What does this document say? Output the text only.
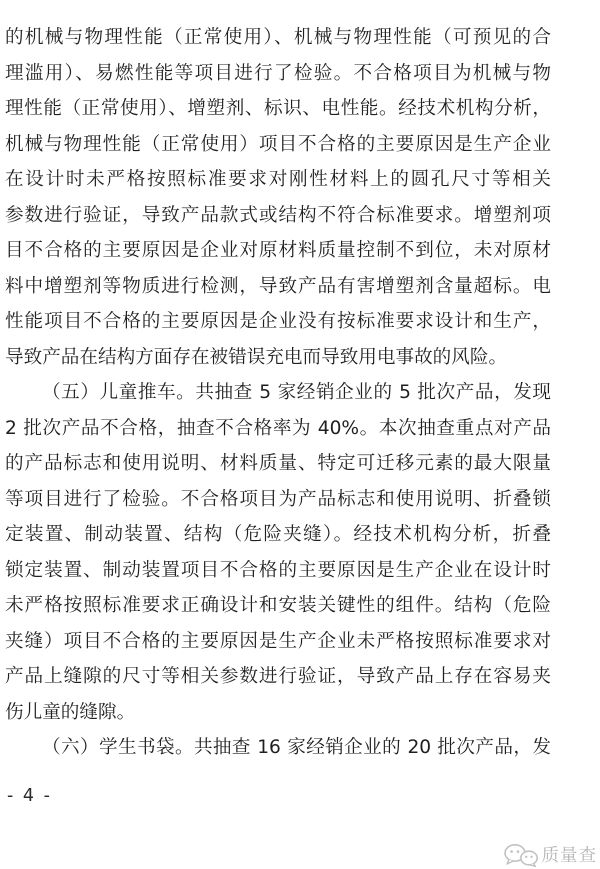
的机械与物理性能（正常使用）、机械与物理性能（可预见的合
理滥用）、易燃性能等项目进行了检验。不合格项目为机械与物
理性能（正常使用）、增塑剂、标识、电性能。经技术机构分析，
机械与物理性能（正常使用）项目不合格的主要原因是生产企业
在设计时未严格按照标准要求对刚性材料上的圆孔尺寸等相关
参数进行验证，导致产品款式或结构不符合标准要求。增塑剂项
目不合格的主要原因是企业对原材料质量控制不到位，未对原材
料中增塑剂等物质进行检测，导致产品有害增塑剂含量超标。电
性能项目不合格的主要原因是企业没有按标准要求设计和生产，
导致产品在结构方面存在被错误充电而导致用电事故的风险。
（五）儿童推车。共抽查 5 家经销企业的 5 批次产品，发现
2 批次产品不合格，抽查不合格率为 40%。本次抽查重点对产品
的产品标志和使用说明、材料质量、特定可迁移元素的最大限量
等项目进行了检验。不合格项目为产品标志和使用说明、折叠锁
定装置、制动装置、结构（危险夹缝）。经技术机构分析，折叠
锁定装置、制动装置项目不合格的主要原因是生产企业在设计时
未严格按照标准要求正确设计和安装关键性的组件。结构（危险
夹缝）项目不合格的主要原因是生产企业未严格按照标准要求对
产品上缝隙的尺寸等相关参数进行验证，导致产品上存在容易夹
伤儿童的缝隙。
（六）学生书袋。共抽查 16 家经销企业的 20 批次产品，发
- 4 -
质量查
